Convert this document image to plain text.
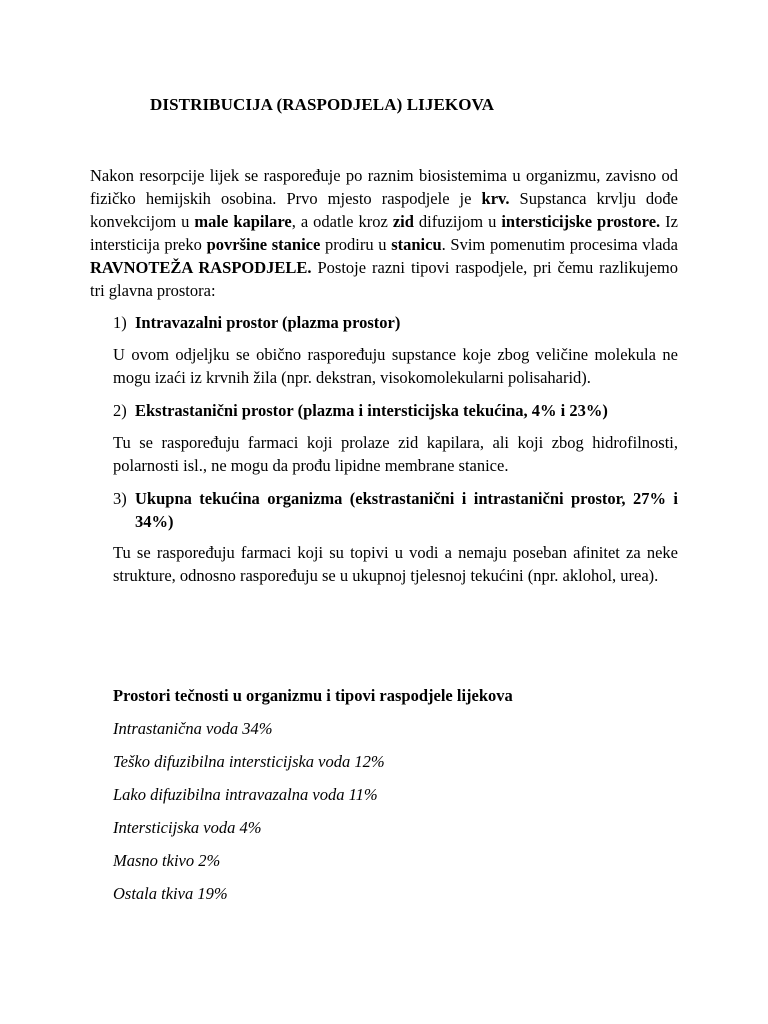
DISTRIBUCIJA (RASPODJELA) LIJEKOVA

Nakon resorpcije lijek se raspoređuje po raznim biosistemima u organizmu, zavisno od fizičko hemijskih osobina. Prvo mjesto raspodjele je krv. Supstanca krvlju dođe konvekcijom u male kapilare, a odatle kroz zid difuzijom u intersticijske prostore. Iz intersticija preko površine stanice prodiru u stanicu. Svim pomenutim procesima vlada RAVNOTEŽA RASPODJELE. Postoje razni tipovi raspodjele, pri čemu razlikujemo tri glavna prostora:

1) Intravazalni prostor (plazma prostor)

U ovom odjeljku se obično raspoređuju supstance koje zbog veličine molekula ne mogu izaći iz krvnih žila (npr. dekstran, visokomolekularni polisaharid).

2) Ekstrastanični prostor (plazma i intersticijska tekućina, 4% i 23%)

Tu se raspoređuju farmaci koji prolaze zid kapilara, ali koji zbog hidrofilnosti, polarnosti isl., ne mogu da prođu lipidne membrane stanice.

3) Ukupna tekućina organizma (ekstrastanični i intrastanični prostor, 27% i 34%)

Tu se raspoređuju farmaci koji su topivi u vodi a nemaju poseban afinitet za neke strukture, odnosno raspoređuju se u ukupnoj tjelesnoj tekućini (npr. aklohol, urea).

Prostori tečnosti u organizmu i tipovi raspodjele lijekova
Intrastanična voda 34%
Teško difuzibilna intersticijska voda 12%
Lako difuzibilna intravazalna voda 11%
Intersticijska voda 4%
Masno tkivo 2%
Ostala tkiva 19%
